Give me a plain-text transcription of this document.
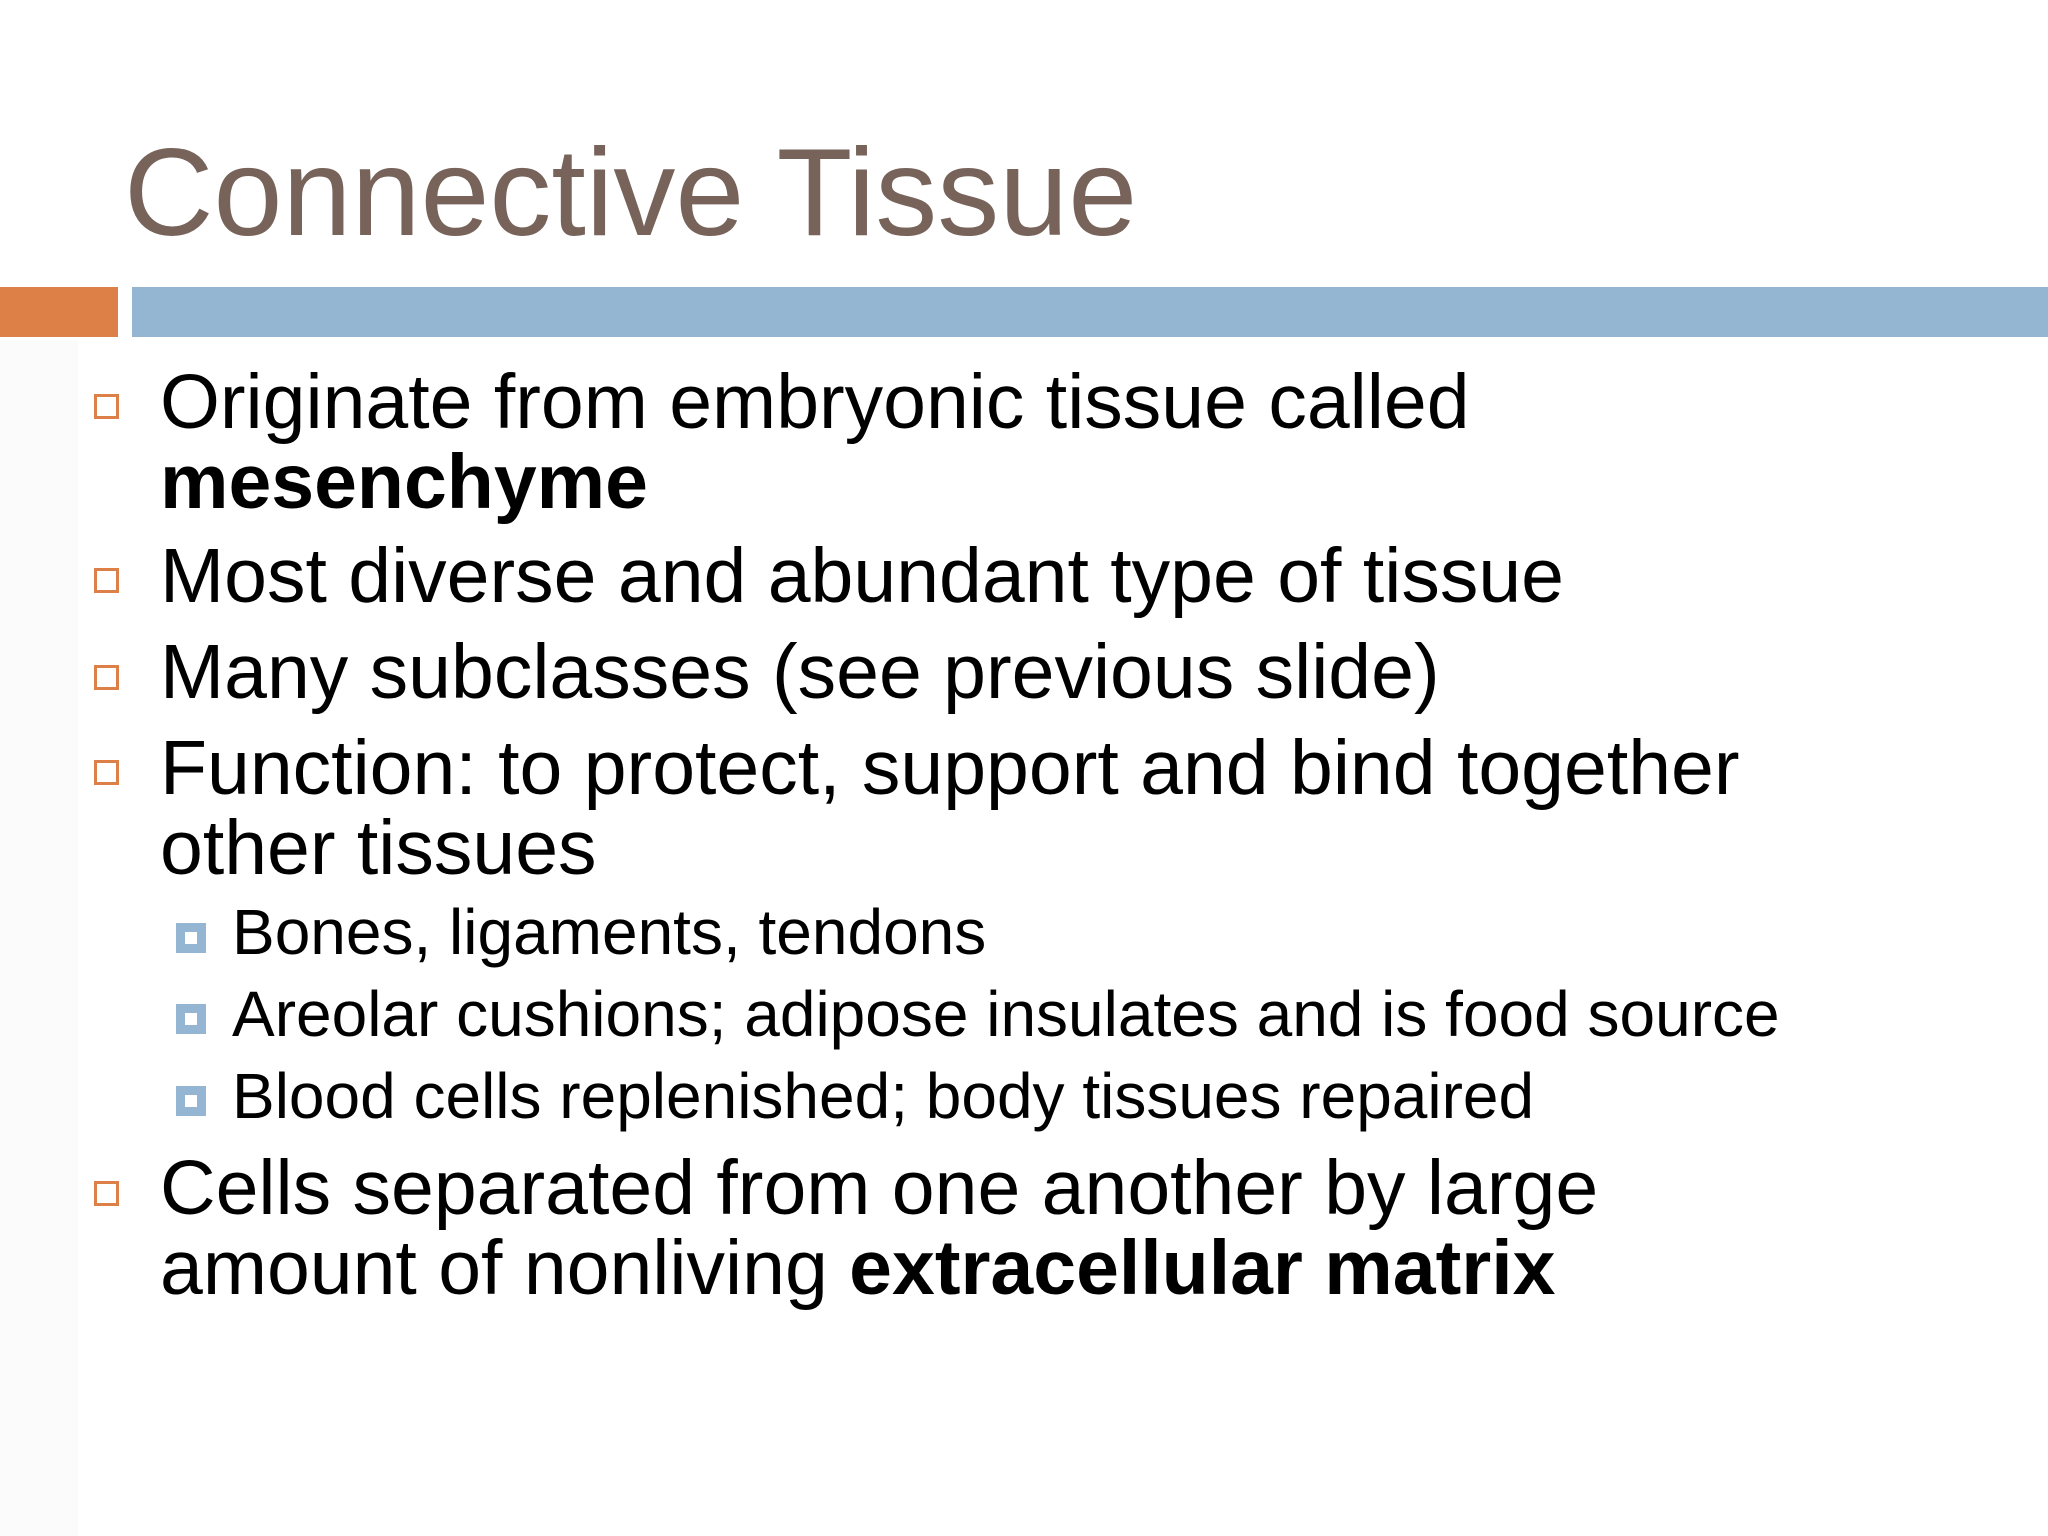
Connective Tissue
Originate from embryonic tissue called
mesenchyme
Most diverse and abundant type of tissue
Many subclasses (see previous slide)
Function: to protect, support and bind together
other tissues
Bones, ligaments, tendons
Areolar cushions; adipose insulates and is food source
Blood cells replenished; body tissues repaired
Cells separated from one another by large
amount of nonliving extracellular matrix
